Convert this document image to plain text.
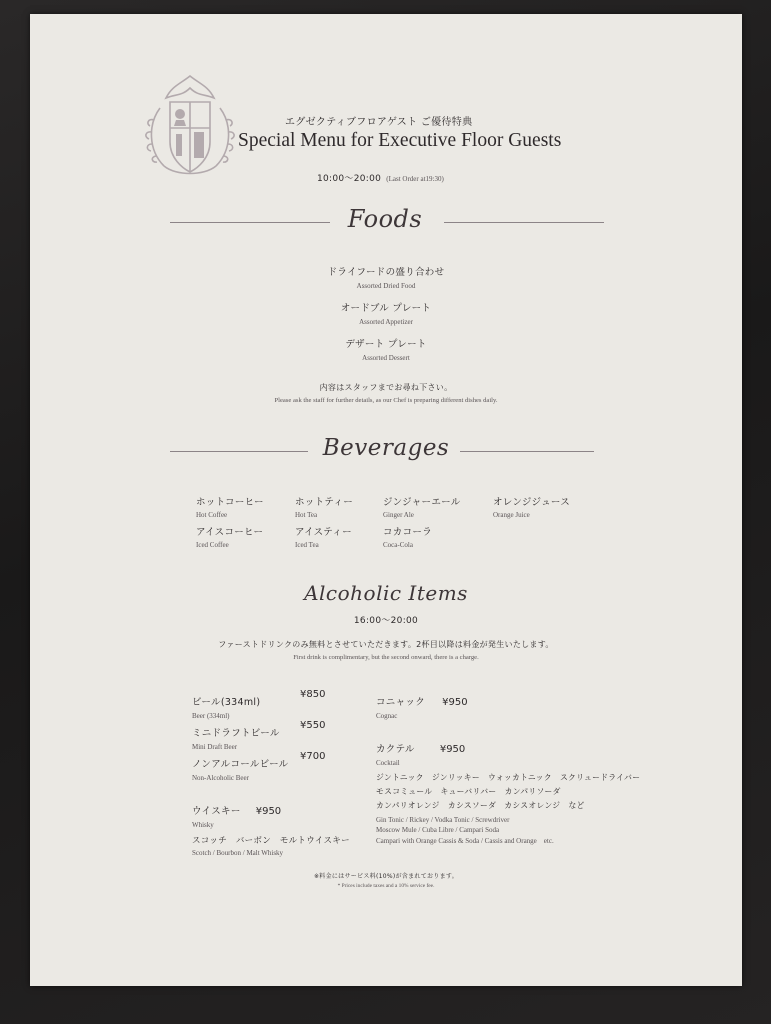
エグゼクティブフロアゲスト ご優待特典
Special Menu for Executive Floor Guests
10:00～20:00 (Last Order at19:30)
Foods
ドライフードの盛り合わせ
Assorted Dried Food
オードブル プレート
Assorted Appetizer
デザート プレート
Assorted Dessert
内容はスタッフまでお尋ね下さい。
Please ask the staff for further details, as our Chef is preparing different dishes daily.
Beverages
ホットコーヒー
Hot Coffee
ホットティー
Hot Tea
ジンジャーエール
Ginger Ale
オレンジジュース
Orange Juice
アイスコーヒー
Iced Coffee
アイスティー
Iced Tea
コカコーラ
Coca-Cola
Alcoholic Items
16:00～20:00
ファーストドリンクのみ無料とさせていただきます。2杯目以降は料金が発生いたします。
First drink is complimentary, but the second onward, there is a charge.
ビール(334ml)
Beer (334ml)
¥850
ミニドラフトビール
Mini Draft Beer
¥550
ノンアルコールビール
Non-Alcoholic Beer
¥700
ウイスキー ¥950
Whisky
スコッチ　バーボン　モルトウイスキー
Scotch / Bourbon / Malt Whisky
コニャック ¥950
Cognac
カクテル	¥950
Cocktail
ジントニック　ジンリッキー　ウォッカトニック　スクリュードライバー
モスコミュール　キューバリバー　カンパリソーダ
カンパリオレンジ　カシスソーダ　カシスオレンジ　など
Gin Tonic / Rickey / Vodka Tonic / Screwdriver
Moscow Mule / Cuba Libre / Campari Soda
Campari with Orange Cassis & Soda / Cassis and Orange　etc.
※料金にはサービス料(10%)が含まれております。
* Prices include taxes and a 10% service fee.
